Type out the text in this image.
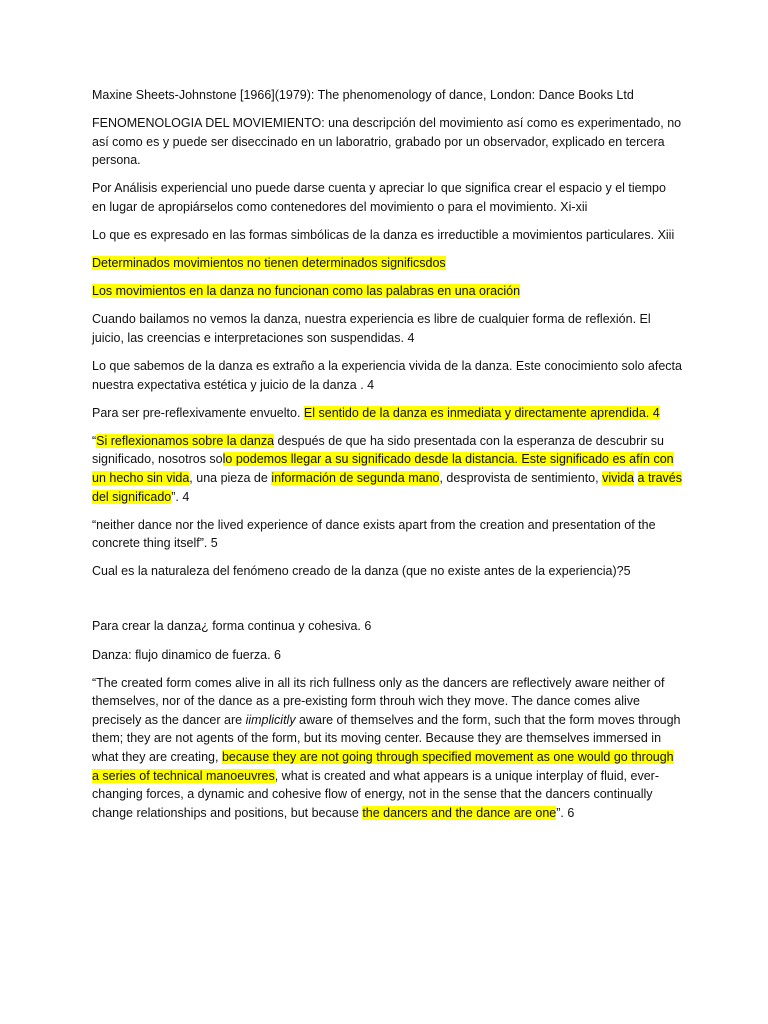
Maxine Sheets-Johnstone [1966](1979): The phenomenology of dance, London: Dance Books Ltd

FENOMENOLOGIA DEL MOVIEMIENTO: una descripción del movimiento así como es experimentado, no así como es y puede ser diseccinado en un laboratrio, grabado por un observador, explicado en tercera persona.

Por Análisis experiencial uno puede darse cuenta y apreciar lo que significa crear el espacio y el tiempo en lugar de apropiárselos como contenedores del movimiento o para el movimiento. Xi-xii

Lo que es expresado en las formas simbólicas de la danza es irreductible a movimientos particulares. Xiii

Determinados movimientos no tienen determinados significsdos

Los movimientos en la danza no funcionan como las palabras en una oración

Cuando bailamos no vemos la danza, nuestra experiencia es libre de cualquier forma de reflexión. El juicio, las creencias e interpretaciones son suspendidas. 4

Lo que sabemos de la danza es extraño a la experiencia vivida de la danza. Este conocimiento solo afecta nuestra expectativa estética y juicio de la danza . 4

Para ser pre-reflexivamente envuelto. El sentido de la danza es inmediata y directamente aprendida. 4

“Si reflexionamos sobre la danza después de que ha sido presentada con la esperanza de descubrir su significado, nosotros solo podemos llegar a su significado desde la distancia. Este significado es afín con un hecho sin vida, una pieza de información de segunda mano, desprovista de sentimiento, vivida a través del significado”. 4

“neither dance nor the lived experience of dance exists apart from the creation and presentation of the concrete thing itself”. 5

Cual es la naturaleza del fenómeno creado de la danza (que no existe antes de la experiencia)?5

Para crear la danza¿ forma continua y cohesiva. 6

Danza: flujo dinamico de fuerza. 6

“The created form comes alive in all its rich fullness only as the dancers are reflectively aware neither of themselves, nor of the dance as a pre-existing form throuh wich they move. The dance comes alive precisely as the dancer are iimplicitly aware of themselves and the form, such that the form moves through them; they are not agents of the form, but its moving center. Because they are themselves immersed in what they are creating, because they are not going through specified movement as one would go through a series of technical manoeuvres, what is created and what appears is a unique interplay of fluid, ever-changing forces, a dynamic and cohesive flow of energy, not in the sense that the dancers continually change relationships and positions, but because the dancers and the dance are one”. 6
